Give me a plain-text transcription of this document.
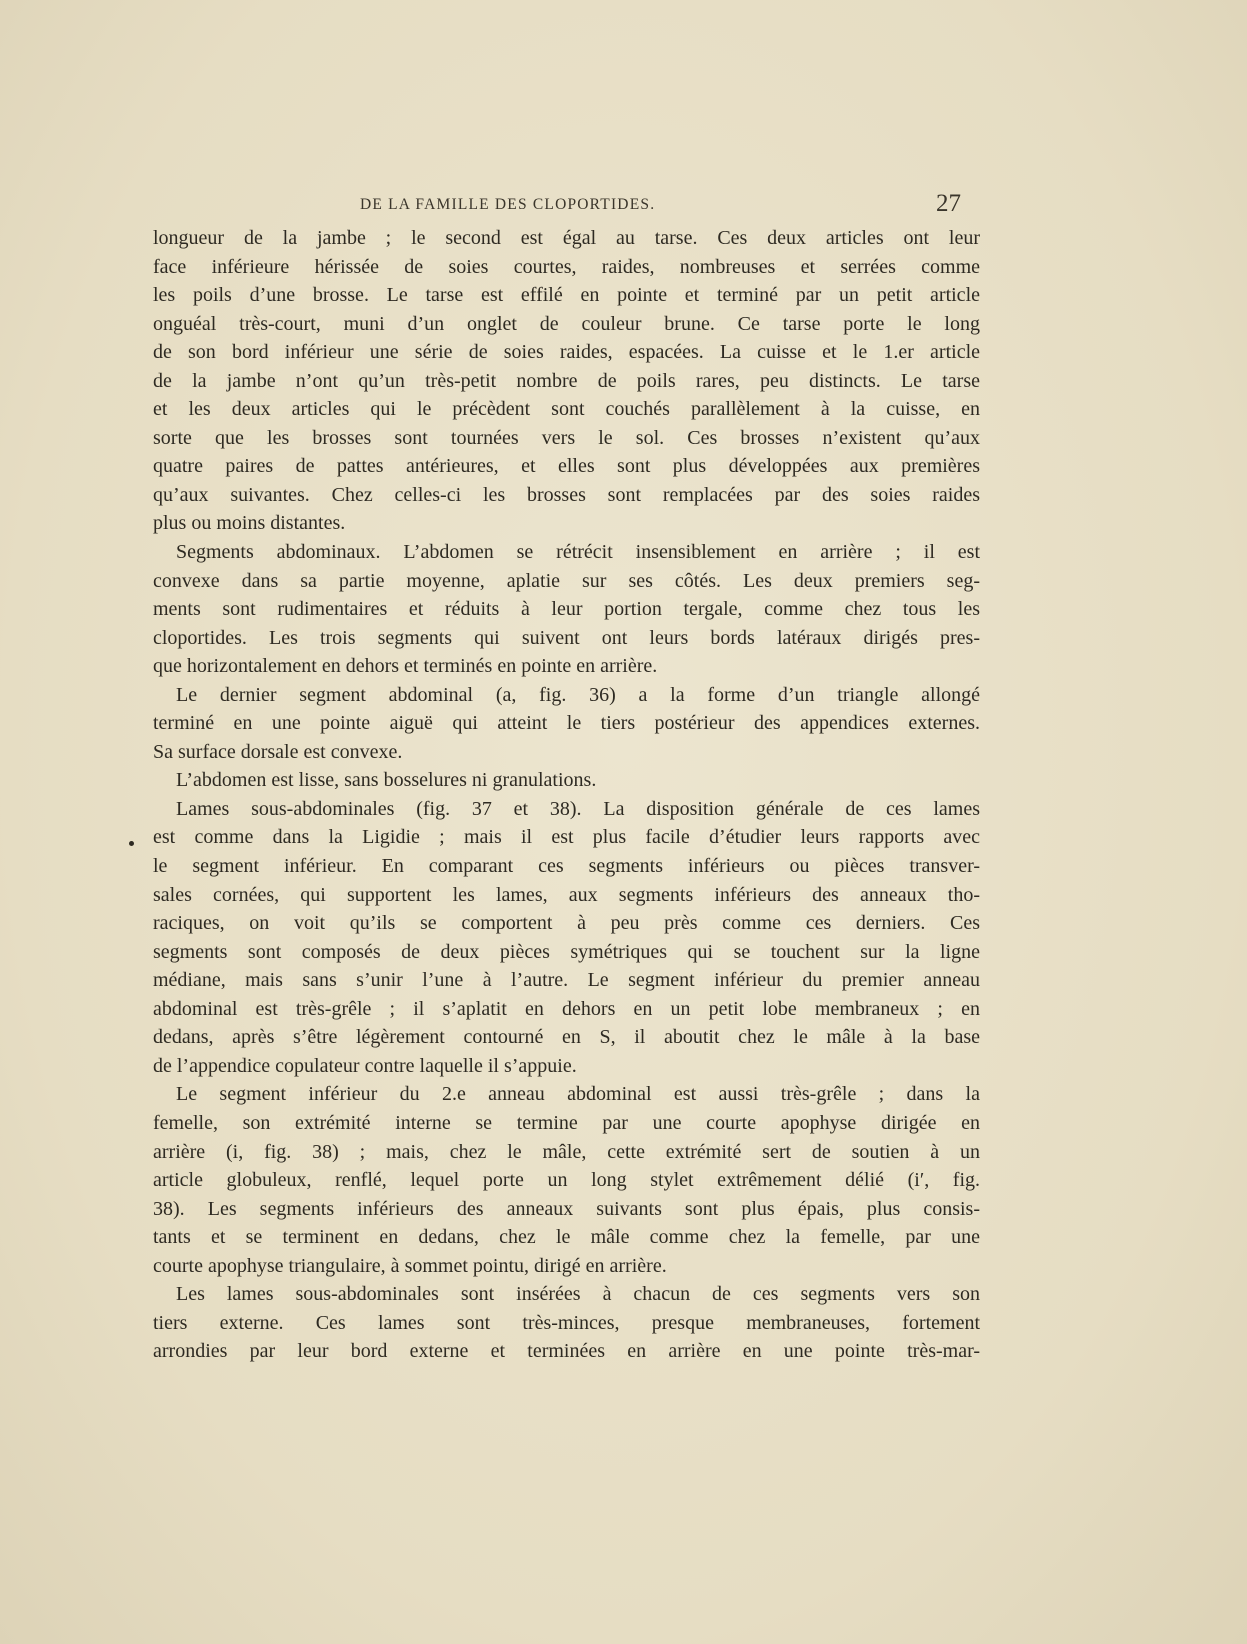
DE LA FAMILLE DES CLOPORTIDES.	27
longueur de la jambe ; le second est égal au tarse. Ces deux articles ont leur
face inférieure hérissée de soies courtes, raides, nombreuses et serrées comme
les poils d’une brosse. Le tarse est effilé en pointe et terminé par un petit article
onguéal très-court, muni d’un onglet de couleur brune. Ce tarse porte le long
de son bord inférieur une série de soies raides, espacées. La cuisse et le 1.er article
de la jambe n’ont qu’un très-petit nombre de poils rares, peu distincts. Le tarse
et les deux articles qui le précèdent sont couchés parallèlement à la cuisse, en
sorte que les brosses sont tournées vers le sol. Ces brosses n’existent qu’aux
quatre paires de pattes antérieures, et elles sont plus développées aux premières
qu’aux suivantes. Chez celles-ci les brosses sont remplacées par des soies raides
plus ou moins distantes.
Segments abdominaux. L’abdomen se rétrécit insensiblement en arrière ; il est
convexe dans sa partie moyenne, aplatie sur ses côtés. Les deux premiers seg-
ments sont rudimentaires et réduits à leur portion tergale, comme chez tous les
cloportides. Les trois segments qui suivent ont leurs bords latéraux dirigés pres-
que horizontalement en dehors et terminés en pointe en arrière.
Le dernier segment abdominal (a, fig. 36) a la forme d’un triangle allongé
terminé en une pointe aiguë qui atteint le tiers postérieur des appendices externes.
Sa surface dorsale est convexe.
L’abdomen est lisse, sans bosselures ni granulations.
Lames sous-abdominales (fig. 37 et 38). La disposition générale de ces lames
est comme dans la Ligidie ; mais il est plus facile d’étudier leurs rapports avec
le segment inférieur. En comparant ces segments inférieurs ou pièces transver-
sales cornées, qui supportent les lames, aux segments inférieurs des anneaux tho-
raciques, on voit qu’ils se comportent à peu près comme ces derniers. Ces
segments sont composés de deux pièces symétriques qui se touchent sur la ligne
médiane, mais sans s’unir l’une à l’autre. Le segment inférieur du premier anneau
abdominal est très-grêle ; il s’aplatit en dehors en un petit lobe membraneux ; en
dedans, après s’être légèrement contourné en S, il aboutit chez le mâle à la base
de l’appendice copulateur contre laquelle il s’appuie.
Le segment inférieur du 2.e anneau abdominal est aussi très-grêle ; dans la
femelle, son extrémité interne se termine par une courte apophyse dirigée en
arrière (i, fig. 38) ; mais, chez le mâle, cette extrémité sert de soutien à un
article globuleux, renflé, lequel porte un long stylet extrêmement délié (i′, fig.
38). Les segments inférieurs des anneaux suivants sont plus épais, plus consis-
tants et se terminent en dedans, chez le mâle comme chez la femelle, par une
courte apophyse triangulaire, à sommet pointu, dirigé en arrière.
Les lames sous-abdominales sont insérées à chacun de ces segments vers son
tiers externe. Ces lames sont très-minces, presque membraneuses, fortement
arrondies par leur bord externe et terminées en arrière en une pointe très-mar-
